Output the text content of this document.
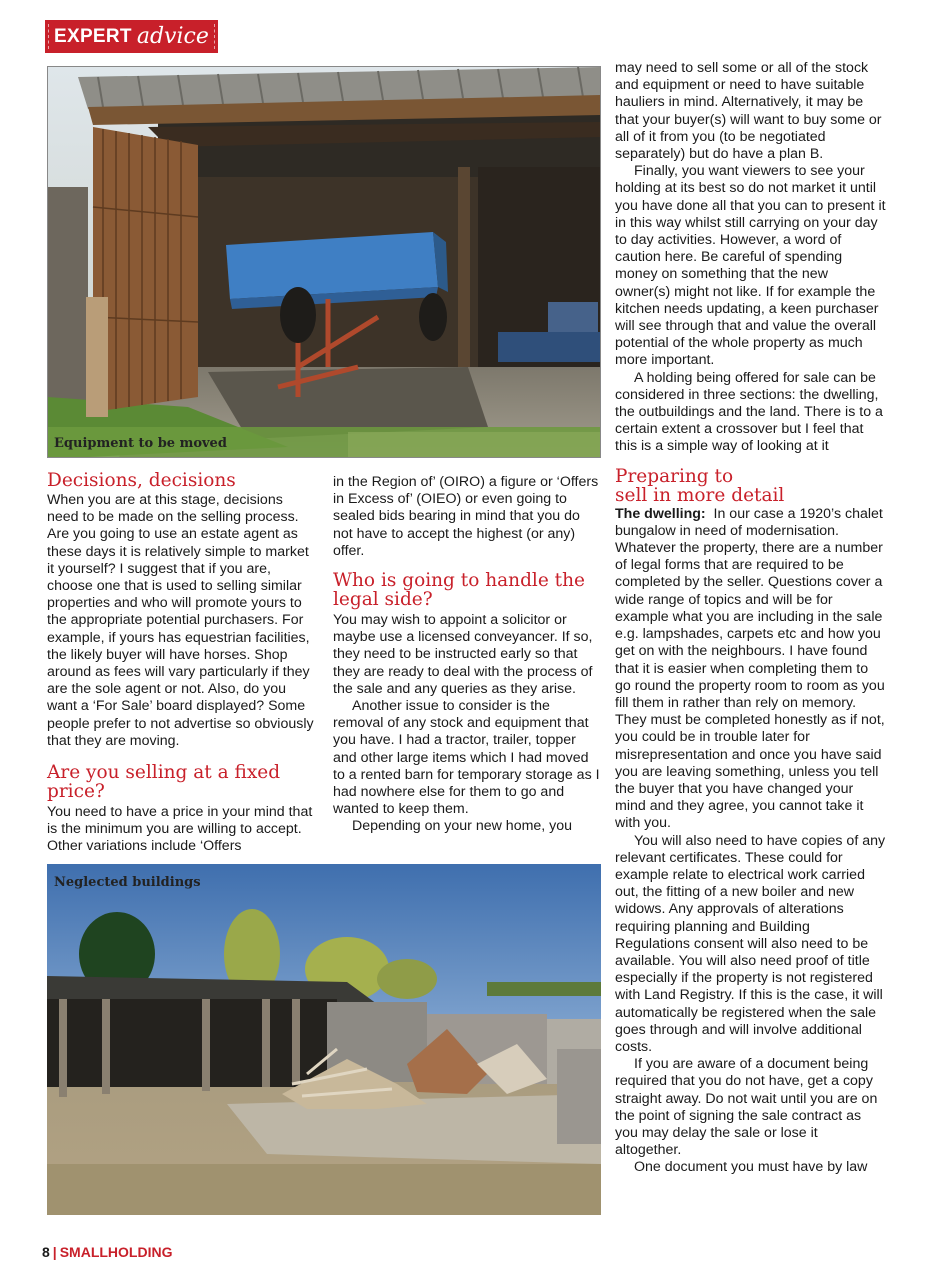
EXPERT advice
Equipment to be moved
Decisions, decisions

When you are at this stage, decisions need to be made on the selling process. Are you going to use an estate agent as these days it is relatively simple to market it yourself? I suggest that if you are, choose one that is used to selling similar properties and who will promote yours to the appropriate potential purchasers. For example, if yours has equestrian facilities, the likely buyer will have horses. Shop around as fees will vary particularly if they are the sole agent or not. Also, do you want a ‘For Sale’ board displayed? Some people prefer to not advertise so obviously that they are moving.

Are you selling at a fixed price?

You need to have a price in your mind that is the minimum you are willing to accept. Other variations include ‘Offers

in the Region of’ (OIRO) a figure or ‘Offers in Excess of’ (OIEO) or even going to sealed bids bearing in mind that you do not have to accept the highest (or any) offer.

Who is going to handle the legal side?

You may wish to appoint a solicitor or maybe use a licensed conveyancer. If so, they need to be instructed early so that they are ready to deal with the process of the sale and any queries as they arise.

Another issue to consider is the removal of any stock and equipment that you have. I had a tractor, trailer, topper and other large items which I had moved to a rented barn for temporary storage as I had nowhere else for them to go and wanted to keep them.

Depending on your new home, you

Neglected buildings

may need to sell some or all of the stock and equipment or need to have suitable hauliers in mind. Alternatively, it may be that your buyer(s) will want to buy some or all of it from you (to be negotiated separately) but do have a plan B.

Finally, you want viewers to see your holding at its best so do not market it until you have done all that you can to present it in this way whilst still carrying on your day to day activities. However, a word of caution here. Be careful of spending money on something that the new owner(s) might not like. If for example the kitchen needs updating, a keen purchaser will see through that and value the overall potential of the whole property as much more important.

A holding being offered for sale can be considered in three sections: the dwelling, the outbuildings and the land. There is to a certain extent a crossover but I feel that this is a simple way of looking at it

Preparing to
sell in more detail

The dwelling: In our case a 1920’s chalet bungalow in need of modernisation. Whatever the property, there are a number of legal forms that are required to be completed by the seller. Questions cover a wide range of topics and will be for example what you are including in the sale e.g. lampshades, carpets etc and how you get on with the neighbours. I have found that it is easier when completing them to go round the property room to room as you fill them in rather than rely on memory. They must be completed honestly as if not, you could be in trouble later for misrepresentation and once you have said you are leaving something, unless you tell the buyer that you have changed your mind and they agree, you cannot take it with you.

You will also need to have copies of any relevant certificates. These could for example relate to electrical work carried out, the fitting of a new boiler and new widows. Any approvals of alterations requiring planning and Building Regulations consent will also need to be available. You will also need proof of title especially if the property is not registered with Land Registry. If this is the case, it will automatically be registered when the sale goes through and will involve additional costs.

If you are aware of a document being required that you do not have, get a copy straight away. Do not wait until you are on the point of signing the sale contract as you may delay the sale or lose it altogether.

One document you must have by law

8 | SMALLHOLDING
